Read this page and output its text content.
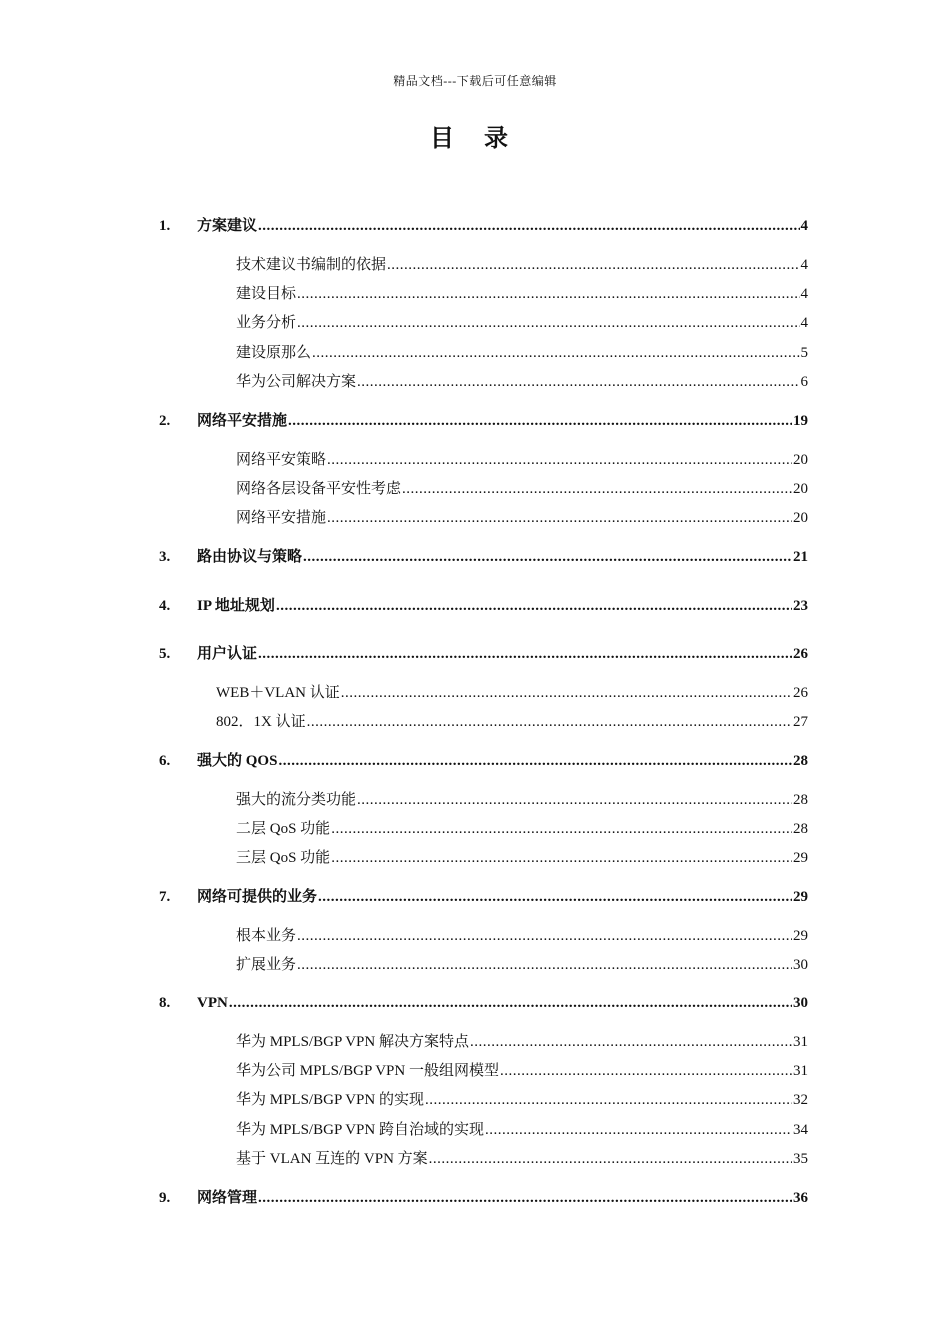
精品文档---下载后可任意编辑
目 录
1.	方案建议 .....	4
技术建议书编制的依据 .....	4
建设目标 .....	4
业务分析 .....	4
建设原那么 .....	5
华为公司解决方案 .....	6
2.	网络平安措施 .....	19
网络平安策略 .....	20
网络各层设备平安性考虑 .....	20
网络平安措施 .....	20
3.	路由协议与策略 .....	21
4.	IP 地址规划 .....	23
5.	用户认证 .....	26
WEB＋VLAN 认证 .....	26
802．1X 认证 .....	27
6.	强大的 QOS .....	28
强大的流分类功能 .....	28
二层 QoS 功能 .....	28
三层 QoS 功能 .....	29
7.	网络可提供的业务 .....	29
根本业务 .....	29
扩展业务 .....	30
8.	VPN .....	30
华为 MPLS/BGP VPN 解决方案特点 .....	31
华为公司 MPLS/BGP VPN 一般组网模型 .....	31
华为 MPLS/BGP VPN 的实现 .....	32
华为 MPLS/BGP VPN 跨自治域的实现 .....	34
基于 VLAN 互连的 VPN 方案 .....	35
9.	网络管理 .....	36
